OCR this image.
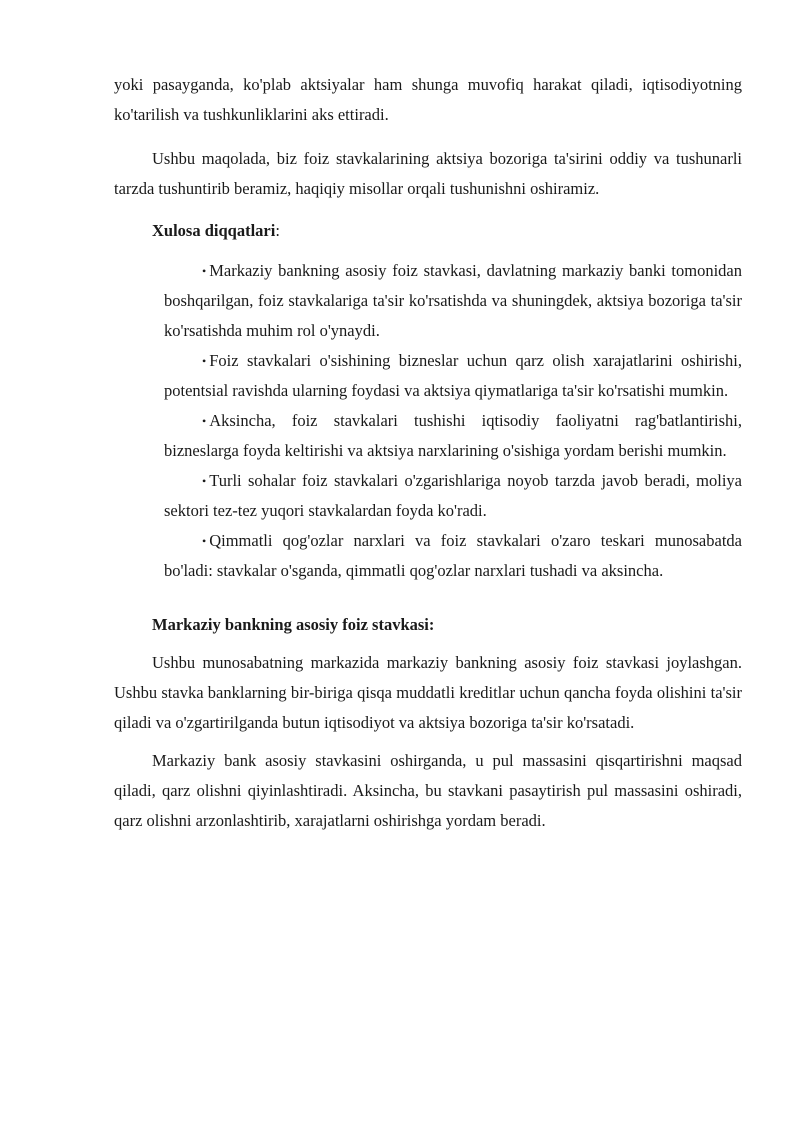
yoki pasayganda, ko'plab aktsiyalar ham shunga muvofiq harakat qiladi, iqtisodiyotning ko'tarilish va tushkunliklarini aks ettiradi.

Ushbu maqolada, biz foiz stavkalarining aktsiya bozoriga ta'sirini oddiy va tushunarli tarzda tushuntirib beramiz, haqiqiy misollar orqali tushunishni oshiramiz.

Xulosa diqqatlari:

• Markaziy bankning asosiy foiz stavkasi, davlatning markaziy banki tomonidan boshqarilgan, foiz stavkalariga ta'sir ko'rsatishda va shuningdek, aktsiya bozoriga ta'sir ko'rsatishda muhim rol o'ynaydi.
• Foiz stavkalari o'sishining bizneslar uchun qarz olish xarajatlarini oshirishi, potentsial ravishda ularning foydasi va aktsiya qiymatlariga ta'sir ko'rsatishi mumkin.
• Aksincha, foiz stavkalari tushishi iqtisodiy faoliyatni rag'batlantirishi, bizneslarga foyda keltirishi va aktsiya narxlarining o'sishiga yordam berishi mumkin.
• Turli sohalar foiz stavkalari o'zgarishlariga noyob tarzda javob beradi, moliya sektori tez-tez yuqori stavkalardan foyda ko'radi.
• Qimmatli qog'ozlar narxlari va foiz stavkalari o'zaro teskari munosabatda bo'ladi: stavkalar o'sganda, qimmatli qog'ozlar narxlari tushadi va aksincha.

Markaziy bankning asosiy foiz stavkasi:

Ushbu munosabatning markazida markaziy bankning asosiy foiz stavkasi joylashgan. Ushbu stavka banklarning bir-biriga qisqa muddatli kreditlar uchun qancha foyda olishini ta'sir qiladi va o'zgartirilganda butun iqtisodiyot va aktsiya bozoriga ta'sir ko'rsatadi.

Markaziy bank asosiy stavkasini oshirganda, u pul massasini qisqartirishni maqsad qiladi, qarz olishni qiyinlashtiradi. Aksincha, bu stavkani pasaytirish pul massasini oshiradi, qarz olishni arzonlashtirib, xarajatlarni oshirishga yordam beradi.
